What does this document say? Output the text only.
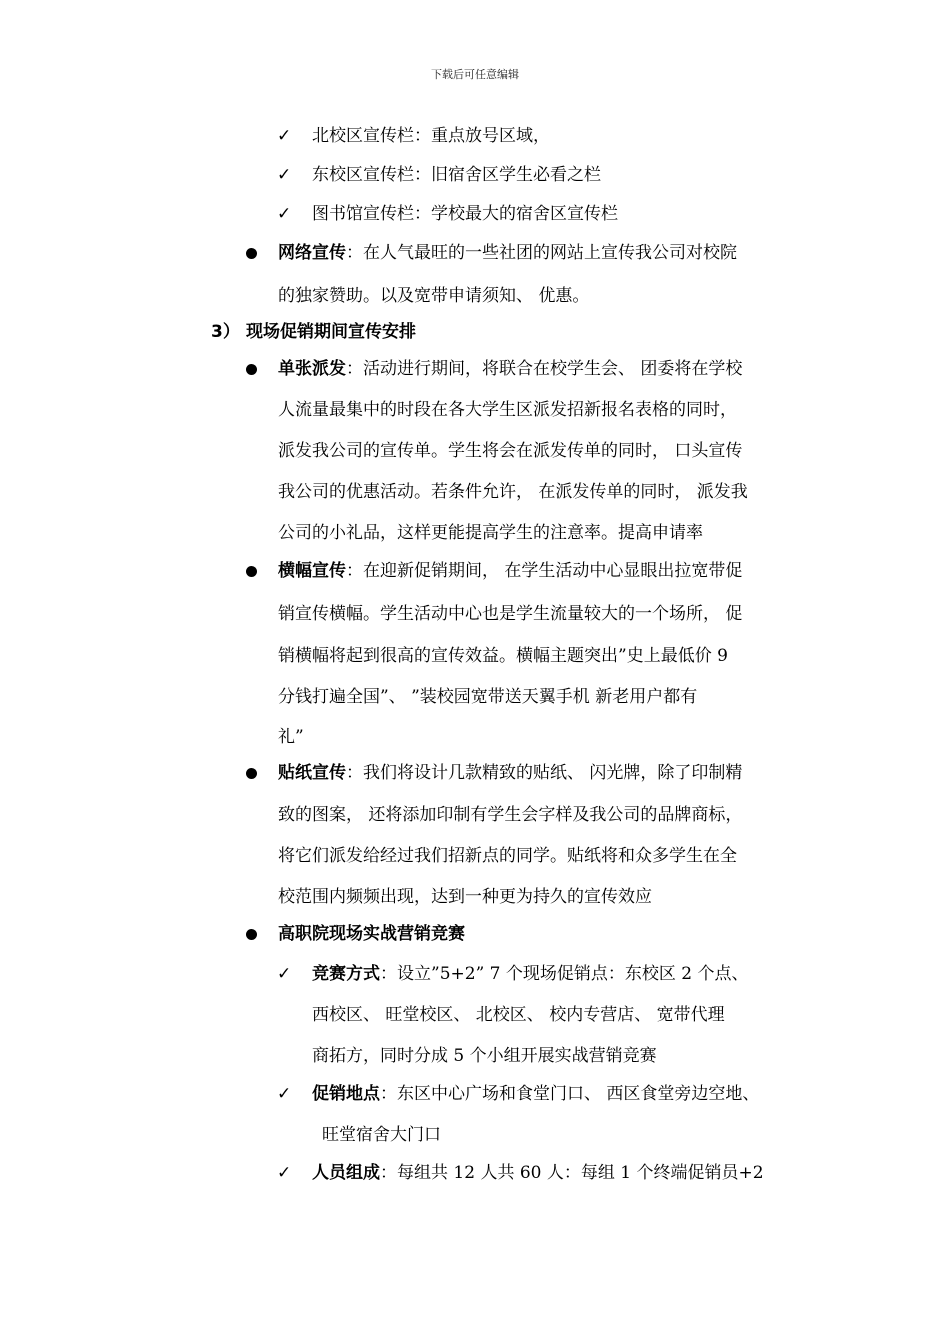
下载后可任意编辑
✓ 北校区宣传栏：重点放号区域，
✓ 东校区宣传栏：旧宿舍区学生必看之栏
✓ 图书馆宣传栏：学校最大的宿舍区宣传栏
网络宣传：在人气最旺的一些社团的网站上宣传我公司对校院
的独家赞助。以及宽带申请须知、 优惠。
3） 现场促销期间宣传安排
单张派发：活动进行期间，将联合在校学生会、 团委将在学校
人流量最集中的时段在各大学生区派发招新报名表格的同时，
派发我公司的宣传单。学生将会在派发传单的同时， 口头宣传
我公司的优惠活动。若条件允许， 在派发传单的同时， 派发我
公司的小礼品，这样更能提高学生的注意率。提高申请率
横幅宣传：在迎新促销期间， 在学生活动中心显眼出拉宽带促
销宣传横幅。学生活动中心也是学生流量较大的一个场所， 促
销横幅将起到很高的宣传效益。横幅主题突出”史上最低价 9
分钱打遍全国”、 ”装校园宽带送天翼手机 新老用户都有
礼”
贴纸宣传：我们将设计几款精致的贴纸、 闪光牌，除了印制精
致的图案， 还将添加印制有学生会字样及我公司的品牌商标，
将它们派发给经过我们招新点的同学。贴纸将和众多学生在全
校范围内频频出现，达到一种更为持久的宣传效应
高职院现场实战营销竞赛
✓ 竞赛方式：设立”5+2” 7 个现场促销点：东校区 2 个点、
西校区、 旺堂校区、 北校区、 校内专营店、 宽带代理
商拓方，同时分成 5 个小组开展实战营销竞赛
✓ 促销地点：东区中心广场和食堂门口、 西区食堂旁边空地、
旺堂宿舍大门口
✓ 人员组成：每组共 12 人共 60 人：每组 1 个终端促销员+2
